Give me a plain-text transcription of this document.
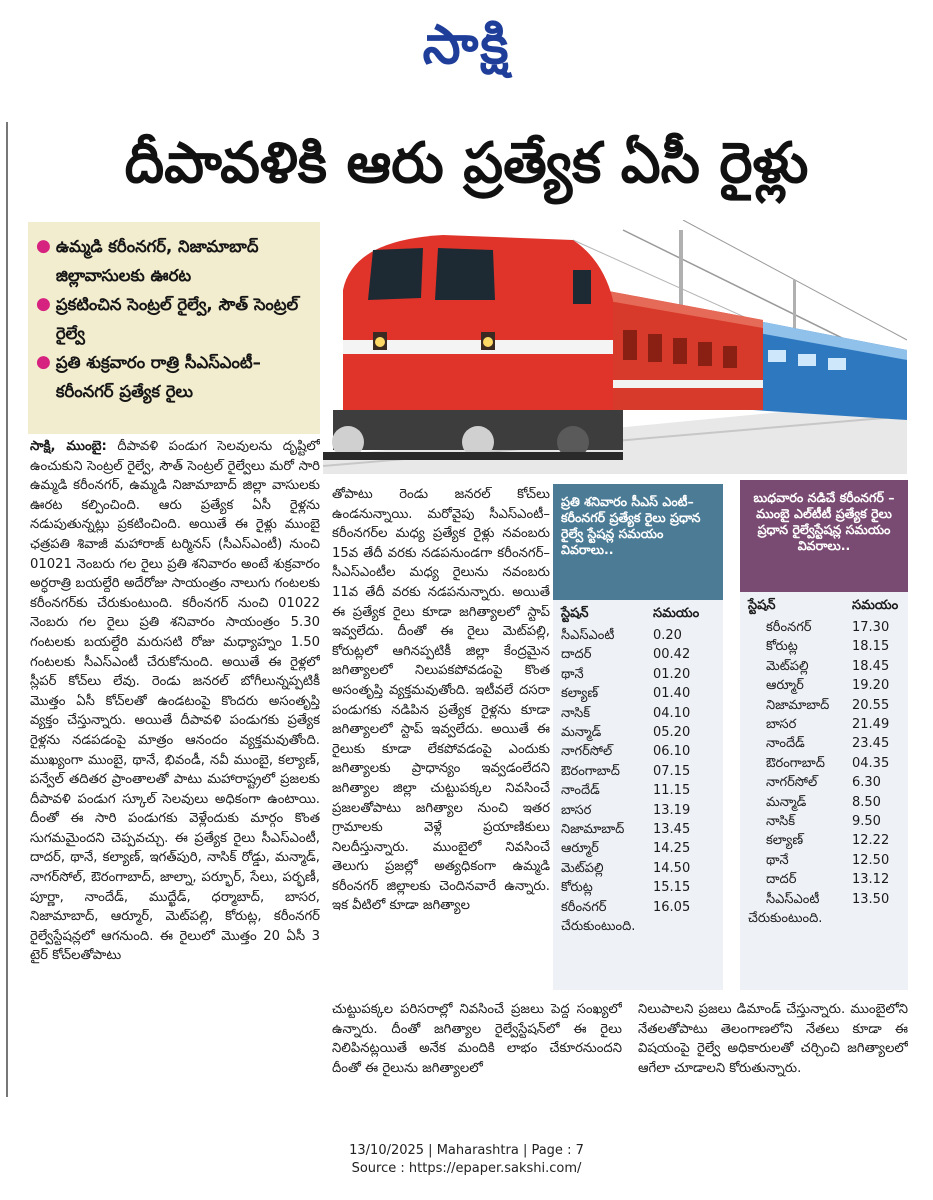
సాక్షి
దీపావళికి ఆరు ప్రత్యేక ఏసీ రైళ్లు
● ఉమ్మడి కరీంనగర్, నిజామాబాద్ జిల్లావాసులకు ఊరట
● ప్రకటించిన సెంట్రల్ రైల్వే, సౌత్ సెంట్రల్ రైల్వే
● ప్రతి శుక్రవారం రాత్రి సీఎస్‌ఎంటీ–కరీంనగర్ ప్రత్యేక రైలు
సాక్షి, ముంబై: దీపావళి పండుగ సెలవులను దృష్టిలో ఉంచుకుని సెంట్రల్ రైల్వే, సౌత్ సెంట్రల్ రైల్వేలు మరో సారి ఉమ్మడి కరీంనగర్, ఉమ్మడి నిజామాబాద్ జిల్లా వాసులకు ఊరట కల్పించింది. ఆరు ప్రత్యేక ఏసీ రైళ్లను నడుపుతున్నట్లు ప్రకటించింది. అయితే ఈ రైళ్లు ముంబై ఛత్రపతి శివాజీ మహారాజ్ టర్మినస్ (సీఎస్‌ఎంటీ) నుంచి 01021 నెంబరు గల రైలు ప్రతి శనివారం అంటే శుక్రవారం అర్ధరాత్రి బయల్దేరి అదేరోజు సాయంత్రం నాలుగు గంటలకు కరీంనగర్‌కు చేరుకుంటుంది. కరీంనగర్ నుంచి 01022 నెంబరు గల రైలు ప్రతి శనివారం సాయంత్రం 5.30 గంటలకు బయల్దేరి మరుసటి రోజు మధ్యాహ్నం 1.50 గంటలకు సీఎస్‌ఎంటీ చేరుకోనుంది. అయితే ఈ రైళ్లలో స్లీపర్ కోచ్‌లు లేవు. రెండు జనరల్ బోగీలున్నప్పటికీ మొత్తం ఏసీ కోచ్‌లతో ఉండటంపై కొందరు అసంతృప్తి వ్యక్తం చేస్తున్నారు. అయితే దీపావళి పండుగకు ప్రత్యేక రైళ్లను నడపడంపై మాత్రం ఆనందం వ్యక్తమవుతోంది. ముఖ్యంగా ముంబై, థానే, భివండీ, నవీ ముంబై, కల్యాణ్, పన్వేల్ తదితర ప్రాంతాలతో పాటు మహారాష్ట్రలో ప్రజలకు దీపావళి పండుగ స్కూల్ సెలవులు అధికంగా ఉంటాయి. దీంతో ఈ సారి పండుగకు వెళ్లేందుకు మార్గం కొంత సుగమమైందని చెప్పవచ్చు. ఈ ప్రత్యేక రైలు సీఎస్‌ఎంటీ, దాదర్, థానే, కల్యాణ్, ఇగత్‌పురి, నాసిక్ రోడ్డు, మన్మాడ్, నాగర్‌సోల్, ఔరంగాబాద్, జాల్నా, పర్భూర్, సేలు, పర్భణీ, పూర్ణా, నాందేడ్, ముద్ఖేడ్, ధర్మాబాద్, బాసర, నిజామాబాద్, ఆర్మూర్, మెట్‌పల్లి, కోరుట్ల, కరీంనగర్ రైల్వేస్టేషన్లలో ఆగనుంది. ఈ రైలులో మొత్తం 20 ఏసీ 3 టైర్ కోచ్‌లతోపాటు
తోపాటు రెండు జనరల్ కోచ్‌లు ఉండనున్నాయి. మరోవైపు సీఎస్‌ఎంటీ–కరీంనగర్‌ల మధ్య ప్రత్యేక రైళ్లు నవంబరు 15వ తేదీ వరకు నడపనుండగా కరీంనగర్–సీఎస్‌ఎంటీల మధ్య రైలును నవంబరు 11వ తేదీ వరకు నడపనున్నారు. అయితే ఈ ప్రత్యేక రైలు కూడా జగిత్యాలలో స్టాప్ ఇవ్వలేదు. దీంతో ఈ రైలు మెట్‌పల్లి, కోరుట్లలో ఆగినప్పటికీ జిల్లా కేంద్రమైన జగిత్యాలలో నిలుపకపోవడంపై కొంత అసంతృప్తి వ్యక్తమవుతోంది. ఇటీవలే దసరా పండుగకు నడిపిన ప్రత్యేక రైళ్లను కూడా జగిత్యాలలో స్టాప్ ఇవ్వలేదు. అయితే ఈ రైలుకు కూడా లేకపోవడంపై ఎందుకు జగిత్యాలకు ప్రాధాన్యం ఇవ్వడంలేదని జగిత్యాల జిల్లా చుట్టుపక్కల నివసించే ప్రజలతోపాటు జగిత్యాల నుంచి ఇతర గ్రామాలకు వెళ్లే ప్రయాణికులు నిలదీస్తున్నారు. ముంబైలో నివసించే తెలుగు ప్రజల్లో అత్యధికంగా ఉమ్మడి కరీంనగర్ జిల్లాలకు చెందినవారే ఉన్నారు. ఇక వీటిలో కూడా జగిత్యాల
ప్రతి శనివారం సీఎస్ ఎంటీ–కరీంనగర్ ప్రత్యేక రైలు ప్రధాన రైల్వే స్టేషన్ల సమయం వివరాలు..
స్టేషన్	సమయం
సీఎస్‌ఎంటీ	0.20
దాదర్	00.42
థానే	01.20
కల్యాణ్	01.40
నాసిక్	04.10
మన్మాడ్	05.20
నాగర్‌సోల్	06.10
ఔరంగాబాద్	07.15
నాందేడ్	11.15
బాసర	13.19
నిజామాబాద్	13.45
ఆర్మూర్	14.25
మెట్‌పల్లి	14.50
కోరుట్ల	15.15
కరీంనగర్	16.05
చేరుకుంటుంది.
బుధవారం నడిచే కరీంనగర్ –ముంబై ఎల్‌టీటీ ప్రత్యేక రైలు ప్రధాన రైల్వేస్టేషన్ల సమయం వివరాలు..
స్టేషన్	సమయం
కరీంనగర్	17.30
కోరుట్ల	18.15
మెట్‌పల్లి	18.45
ఆర్మూర్	19.20
నిజామాబాద్	20.55
బాసర	21.49
నాందేడ్	23.45
ఔరంగాబాద్	04.35
నాగర్‌సోల్	6.30
మన్మాడ్	8.50
నాసిక్	9.50
కల్యాణ్	12.22
థానే	12.50
దాదర్	13.12
సీఎస్‌ఎంటీ	13.50
చేరుకుంటుంది.
చుట్టుపక్కల పరిసరాల్లో నివసించే ప్రజలు పెద్ద సంఖ్యలో ఉన్నారు. దీంతో జగిత్యాల రైల్వేస్టేషన్‌లో ఈ రైలు నిలిపినట్లయితే అనేక మందికి లాభం చేకూరనుందని దీంతో ఈ రైలును జగిత్యాలలో
నిలుపాలని ప్రజలు డిమాండ్ చేస్తున్నారు. ముంబైలోని నేతలతోపాటు తెలంగాణలోని నేతలు కూడా ఈ విషయంపై రైల్వే అధికారులతో చర్చించి జగిత్యాలలో ఆగేలా చూడాలని కోరుతున్నారు.
13/10/2025 | Maharashtra | Page : 7
Source : https://epaper.sakshi.com/
